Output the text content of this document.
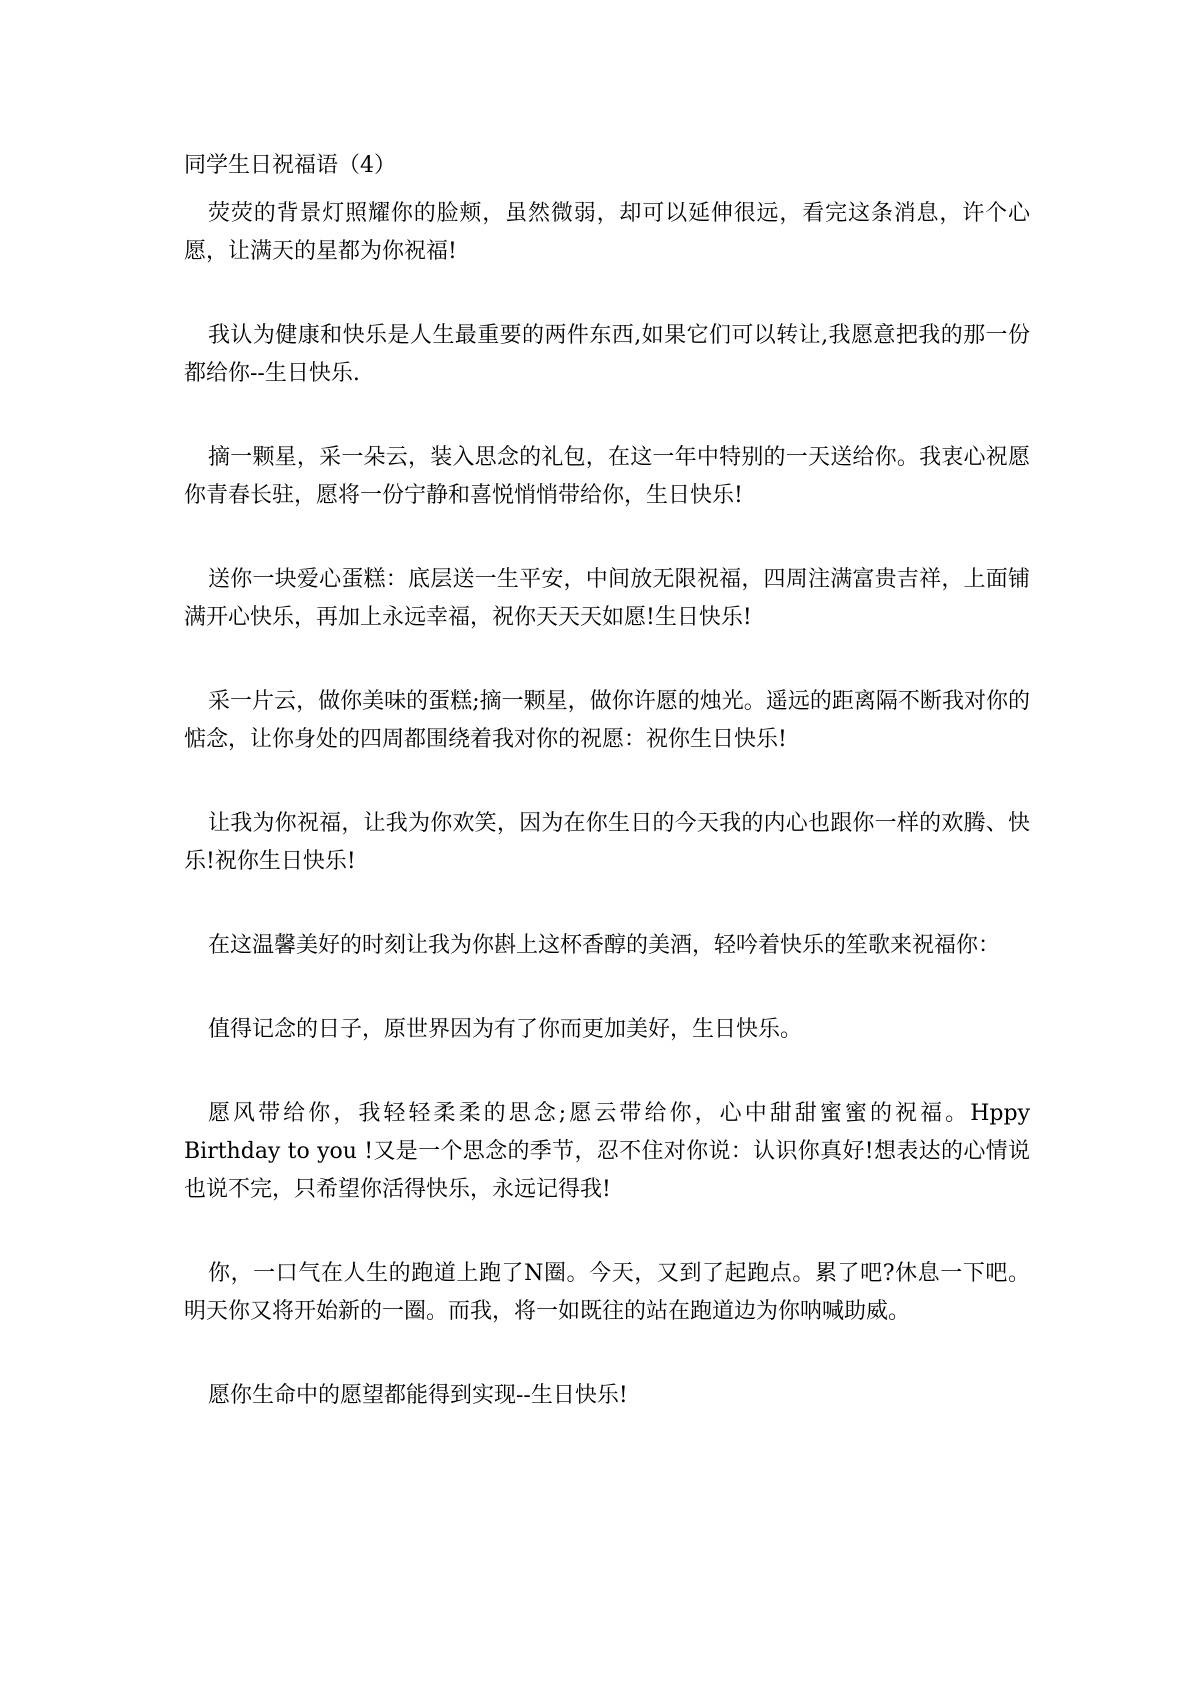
同学生日祝福语（4）

荧荧的背景灯照耀你的脸颊，虽然微弱，却可以延伸很远，看完这条消息，许个心愿，让满天的星都为你祝福!

我认为健康和快乐是人生最重要的两件东西,如果它们可以转让,我愿意把我的那一份都给你--生日快乐.

摘一颗星，采一朵云，装入思念的礼包，在这一年中特别的一天送给你。我衷心祝愿你青春长驻，愿将一份宁静和喜悦悄悄带给你，生日快乐!

送你一块爱心蛋糕：底层送一生平安，中间放无限祝福，四周注满富贵吉祥，上面铺满开心快乐，再加上永远幸福，祝你天天天如愿!生日快乐!

采一片云，做你美味的蛋糕;摘一颗星，做你许愿的烛光。遥远的距离隔不断我对你的惦念，让你身处的四周都围绕着我对你的祝愿：祝你生日快乐!

让我为你祝福，让我为你欢笑，因为在你生日的今天我的内心也跟你一样的欢腾、快乐!祝你生日快乐!

在这温馨美好的时刻让我为你斟上这杯香醇的美酒，轻吟着快乐的笙歌来祝福你：

值得记念的日子，原世界因为有了你而更加美好，生日快乐。

愿风带给你，我轻轻柔柔的思念;愿云带给你，心中甜甜蜜蜜的祝福。Hppy Birthday to you !又是一个思念的季节，忍不住对你说：认识你真好!想表达的心情说也说不完，只希望你活得快乐，永远记得我!

你，一口气在人生的跑道上跑了N圈。今天，又到了起跑点。累了吧?休息一下吧。明天你又将开始新的一圈。而我，将一如既往的站在跑道边为你呐喊助威。

愿你生命中的愿望都能得到实现--生日快乐!
